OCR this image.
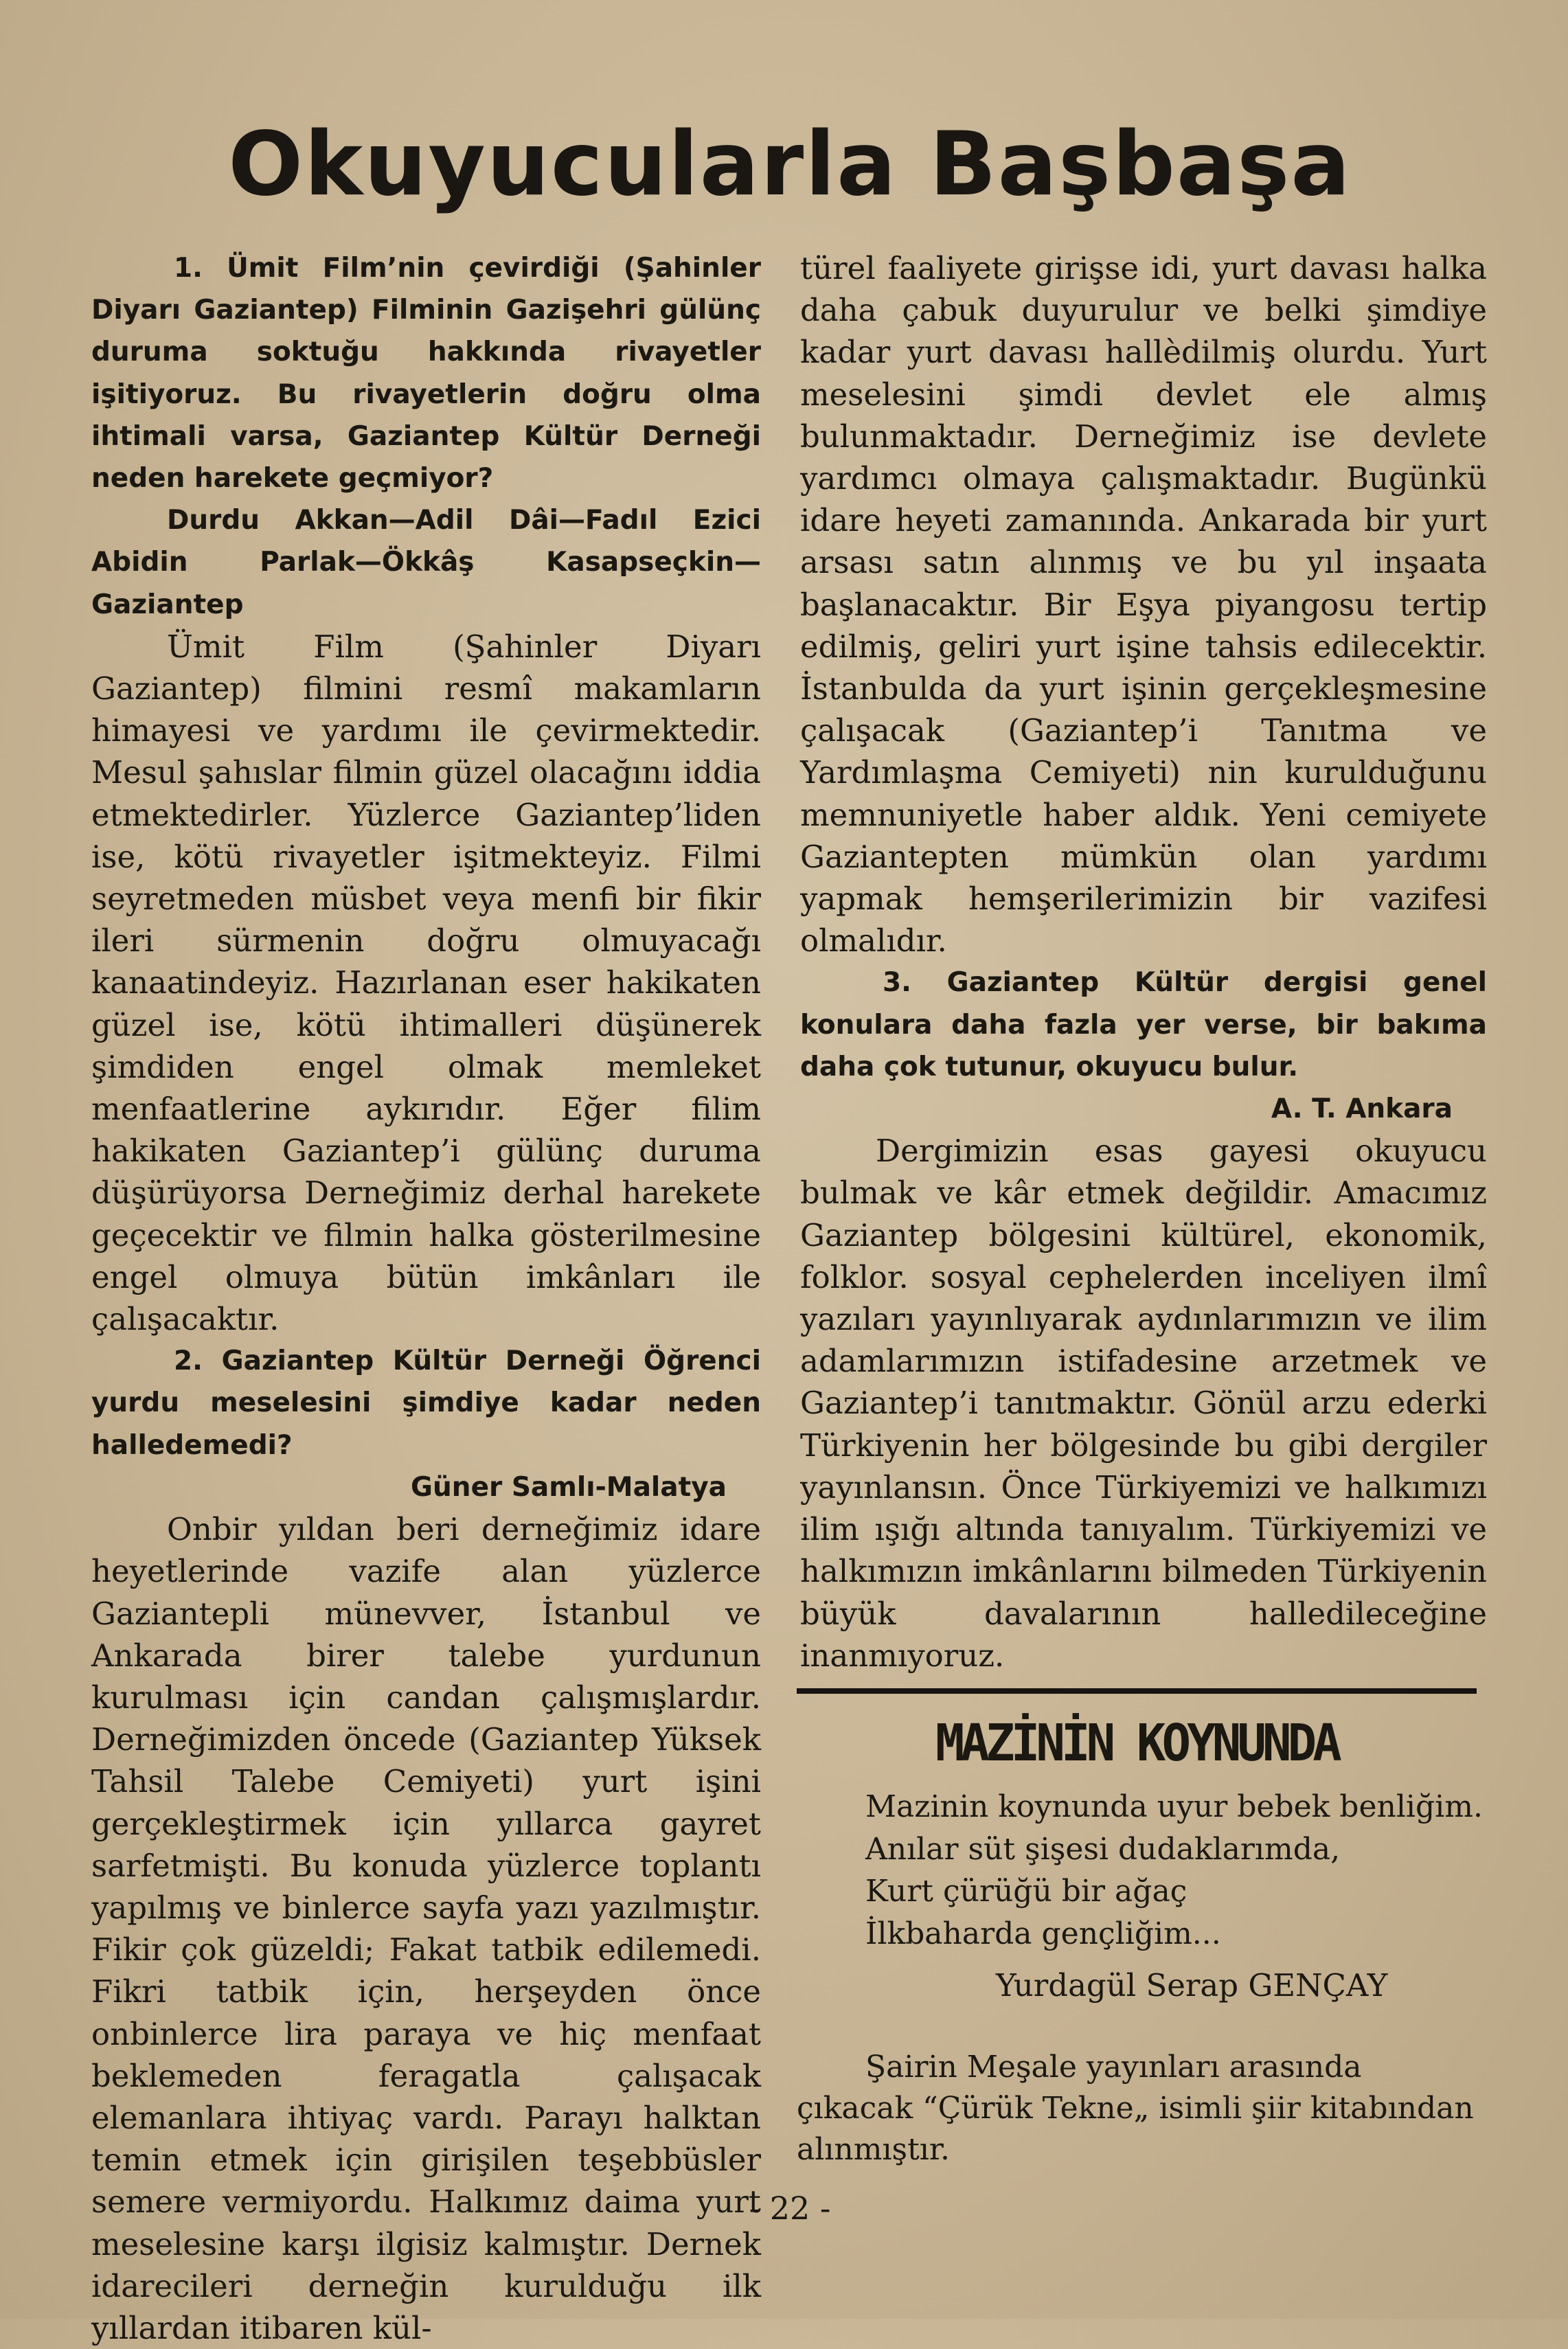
Okuyucularla Başbaşa

1. Ümit Film’nin çevirdiği (Şahinler Diyarı Gaziantep) Filminin Gazişehri gülünç duruma soktuğu hakkında rivayetler işitiyoruz. Bu rivayetlerin doğru olma ihtimali varsa, Gaziantep Kültür Derneği neden harekete geçmiyor?

Durdu Akkan—Adil Dâi—Fadıl Ezici Abidin Parlak—Ökkâş Kasapseçkin—Gaziantep

Ümit Film (Şahinler Diyarı Gaziantep) filmini resmî makamların himayesi ve yardımı ile çevirmektedir. Mesul şahıslar filmin güzel olacağını iddia etmektedirler. Yüzlerce Gaziantep’liden ise, kötü rivayetler işitmekteyiz. Filmi seyretmeden müsbet veya menfi bir fikir ileri sürmenin doğru olmuyacağı kanaatindeyiz. Hazırlanan eser hakikaten güzel ise, kötü ihtimalleri düşünerek şimdiden engel olmak memleket menfaatlerine aykırıdır. Eğer filim hakikaten Gaziantep’i gülünç duruma düşürüyorsa Derneğimiz derhal harekete geçecektir ve filmin halka gösterilmesine engel olmuya bütün imkânları ile çalışacaktır.

2. Gaziantep Kültür Derneği Öğrenci yurdu meselesini şimdiye kadar neden halledemedi?

Güner Samlı-Malatya

Onbir yıldan beri derneğimiz idare heyetlerinde vazife alan yüzlerce Gaziantepli münevver, İstanbul ve Ankarada birer talebe yurdunun kurulması için candan çalışmışlardır. Derneğimizden öncede (Gaziantep Yüksek Tahsil Talebe Cemiyeti) yurt işini gerçekleştirmek için yıllarca gayret sarfetmişti. Bu konuda yüzlerce toplantı yapılmış ve binlerce sayfa yazı yazılmıştır. Fikir çok güzeldi; Fakat tatbik edilemedi. Fikri tatbik için, herşeyden önce onbinlerce lira paraya ve hiç menfaat beklemeden feragatla çalışacak elemanlara ihtiyaç vardı. Parayı halktan temin etmek için girişilen teşebbüsler semere vermiyordu. Halkımız daima yurt meselesine karşı ilgisiz kalmıştır. Dernek idarecileri derneğin kurulduğu ilk yıllardan itibaren kül-

türel faaliyete girişse idi, yurt davası halka daha çabuk duyurulur ve belki şimdiye kadar yurt davası hallèdilmiş olurdu. Yurt meselesini şimdi devlet ele almış bulunmaktadır. Derneğimiz ise devlete yardımcı olmaya çalışmaktadır. Bugünkü idare heyeti zamanında. Ankarada bir yurt arsası satın alınmış ve bu yıl inşaata başlanacaktır. Bir Eşya piyangosu tertip edilmiş, geliri yurt işine tahsis edilecektir. İstanbulda da yurt işinin gerçekleşmesine çalışacak (Gaziantep’i Tanıtma ve Yardımlaşma Cemiyeti) nin kurulduğunu memnuniyetle haber aldık. Yeni cemiyete Gaziantepten mümkün olan yardımı yapmak hemşerilerimizin bir vazifesi olmalıdır.

3. Gaziantep Kültür dergisi genel konulara daha fazla yer verse, bir bakıma daha çok tutunur, okuyucu bulur.

A. T. Ankara

Dergimizin esas gayesi okuyucu bulmak ve kâr etmek değildir. Amacımız Gaziantep bölgesini kültürel, ekonomik, folklor. sosyal cephelerden inceliyen ilmî yazıları yayınlıyarak aydınlarımızın ve ilim adamlarımızın istifadesine arzetmek ve Gaziantep’i tanıtmaktır. Gönül arzu ederki Türkiyenin her bölgesinde bu gibi dergiler yayınlansın. Önce Türkiyemizi ve halkımızı ilim ışığı altında tanıyalım. Türkiyemizi ve halkımızın imkânlarını bilmeden Türkiyenin büyük davalarının halledileceğine inanmıyoruz.

MAZİNİN KOYNUNDA

Mazinin koynunda uyur bebek benliğim.

Anılar süt şişesi dudaklarımda,

Kurt çürüğü bir ağaç

İlkbaharda gençliğim...

Yurdagül Serap GENÇAY

Şairin Meşale yayınları arasında çıkacak “Çürük Tekne„ isimli şiir kitabından alınmıştır.

- 22 -
